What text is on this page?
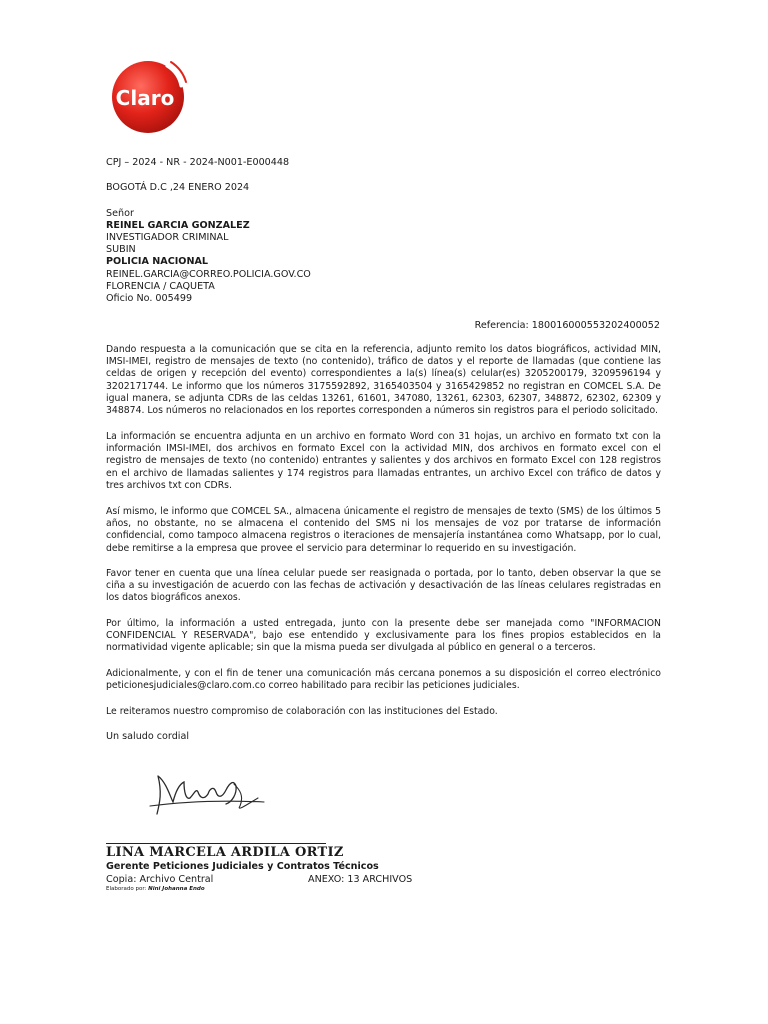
Claro
CPJ – 2024 - NR - 2024-N001-E000448
BOGOTÁ D.C ,24 ENERO 2024
Señor
REINEL GARCIA GONZALEZ
INVESTIGADOR CRIMINAL
SUBIN
POLICIA NACIONAL
REINEL.GARCIA@CORREO.POLICIA.GOV.CO
FLORENCIA / CAQUETA
Oficio No. 005499
Referencia: 180016000553202400052

Dando respuesta a la comunicación que se cita en la referencia, adjunto remito los datos biográficos, actividad MIN, IMSI-IMEI, registro de mensajes de texto (no contenido), tráfico de datos y el reporte de llamadas (que contiene las celdas de origen y recepción del evento) correspondientes a la(s) línea(s) celular(es) 3205200179, 3209596194 y 3202171744. Le informo que los números 3175592892, 3165403504 y 3165429852 no registran en COMCEL S.A. De igual manera, se adjunta CDRs de las celdas 13261, 61601, 347080, 13261, 62303, 62307, 348872, 62302, 62309 y 348874. Los números no relacionados en los reportes corresponden a números sin registros para el periodo solicitado.

La información se encuentra adjunta en un archivo en formato Word con 31 hojas, un archivo en formato txt con la información IMSI-IMEI, dos archivos en formato Excel con la actividad MIN, dos archivos en formato excel con el registro de mensajes de texto (no contenido) entrantes y salientes y dos archivos en formato Excel con 128 registros en el archivo de llamadas salientes y 174 registros para llamadas entrantes, un archivo Excel con tráfico de datos y tres archivos txt con CDRs.

Así mismo, le informo que COMCEL SA., almacena únicamente el registro de mensajes de texto (SMS) de los últimos 5 años, no obstante, no se almacena el contenido del SMS ni los mensajes de voz por tratarse de información confidencial, como tampoco almacena registros o iteraciones de mensajería instantánea como Whatsapp, por lo cual, debe remitirse a la empresa que provee el servicio para determinar lo requerido en su investigación.

Favor tener en cuenta que una línea celular puede ser reasignada o portada, por lo tanto, deben observar la que se ciña a su investigación de acuerdo con las fechas de activación y desactivación de las líneas celulares registradas en los datos biográficos anexos.

Por último, la información a usted entregada, junto con la presente debe ser manejada como "INFORMACION CONFIDENCIAL Y RESERVADA", bajo ese entendido y exclusivamente para los fines propios establecidos en la normatividad vigente aplicable; sin que la misma pueda ser divulgada al público en general o a terceros.

Adicionalmente, y con el fin de tener una comunicación más cercana ponemos a su disposición el correo electrónico peticionesjudiciales@claro.com.co correo habilitado para recibir las peticiones judiciales.

Le reiteramos nuestro compromiso de colaboración con las instituciones del Estado.

Un saludo cordial
LINA MARCELA ARDILA ORTIZ
Gerente Peticiones Judiciales y Contratos Técnicos
Copia: Archivo Central	ANEXO: 13 ARCHIVOS
Elaborado por: Nini Johanna Endo
